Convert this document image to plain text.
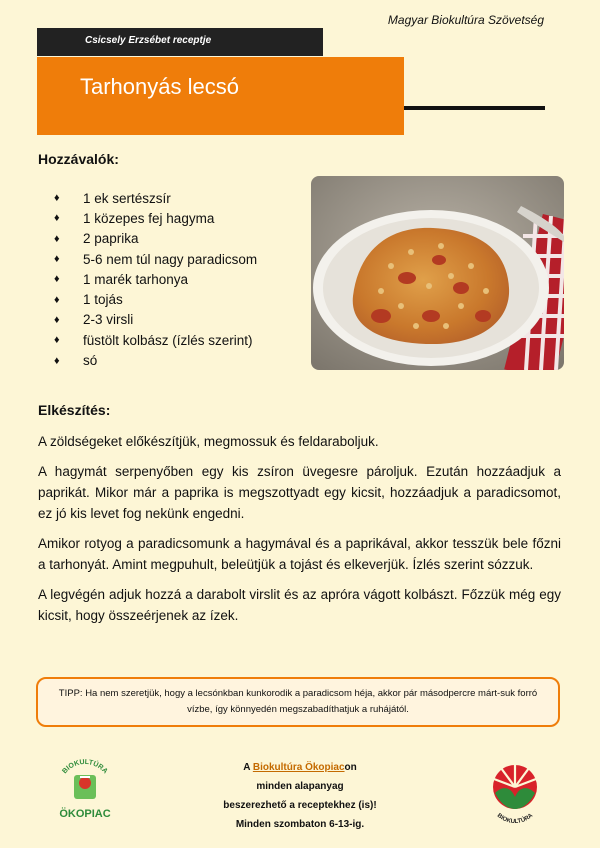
Magyar Biokultúra Szövetség
Csicsely Erzsébet receptje
Tarhonyás lecsó
Hozzávalók:
♦	1 ek sertészsír
♦	1 közepes fej hagyma
♦	2 paprika
♦	5-6 nem túl nagy paradicsom
♦	1 marék tarhonya
♦	1 tojás
♦	2-3 virsli
♦	füstölt kolbász (ízlés szerint)
♦	só
Elkészítés:

A zöldségeket előkészítjük, megmossuk és feldaraboljuk.

A hagymát serpenyőben egy kis zsíron üvegesre pároljuk. Ezután hozzáadjuk a paprikát. Mikor már a paprika is megszottyadt egy kicsit, hozzáadjuk a paradicsomot, ez jó kis levet fog nekünk engedni.

Amikor rotyog a paradicsomunk a hagymával és a paprikával, akkor tesszük bele főzni a tarhonyát. Amint megpuhult, beleütjük a tojást és elkeverjük. Ízlés szerint sózzuk.

A legvégén adjuk hozzá a darabolt virslit és az apróra vágott kolbászt. Főzzük még egy kicsit, hogy összeérjenek az ízek.

TIPP: Ha nem szeretjük, hogy a lecsónkban kunkorodik a paradicsom héja, akkor pár másodpercre márt-suk forró vízbe, így könnyedén megszabadíthatjuk a ruhájától.
BIOKULTÚRA
ÖKOPIAC
A Biokultúra Ökopiacon
minden alapanyag
beszerezhető a receptekhez (is)!
Minden szombaton 6-13-ig.
BIOKULTÚRA
